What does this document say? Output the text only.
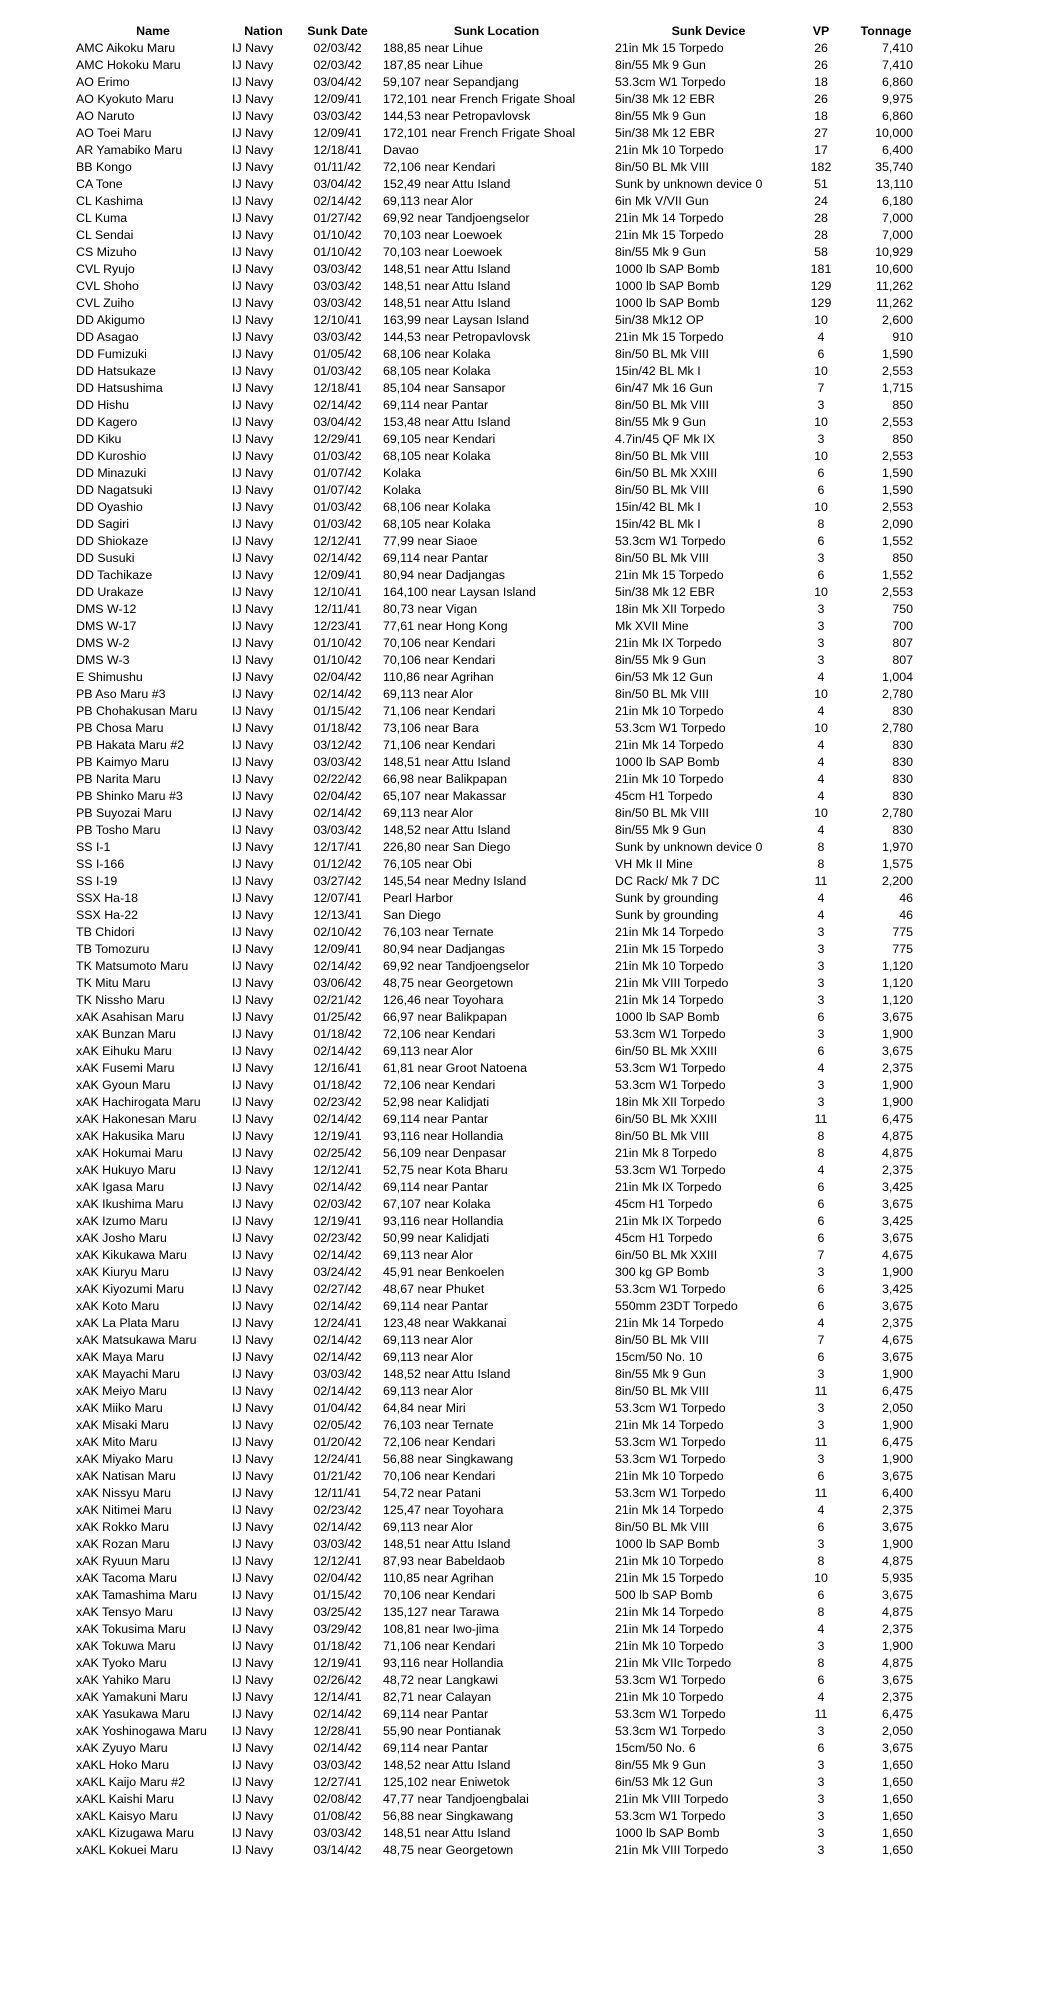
Name	Nation	Sunk Date	Sunk Location	Sunk Device	VP	Tonnage
AMC Aikoku Maru	IJ Navy	02/03/42	188,85 near Lihue	21in Mk 15 Torpedo	26	7,410
AMC Hokoku Maru	IJ Navy	02/03/42	187,85 near Lihue	8in/55 Mk 9 Gun	26	7,410
AO Erimo	IJ Navy	03/04/42	59,107 near Sepandjang	53.3cm W1 Torpedo	18	6,860
AO Kyokuto Maru	IJ Navy	12/09/41	172,101 near French Frigate Shoal	5in/38 Mk 12 EBR	26	9,975
AO Naruto	IJ Navy	03/03/42	144,53 near Petropavlovsk	8in/55 Mk 9 Gun	18	6,860
AO Toei Maru	IJ Navy	12/09/41	172,101 near French Frigate Shoal	5in/38 Mk 12 EBR	27	10,000
AR Yamabiko Maru	IJ Navy	12/18/41	Davao	21in Mk 10 Torpedo	17	6,400
BB Kongo	IJ Navy	01/11/42	72,106 near Kendari	8in/50 BL Mk VIII	182	35,740
CA Tone	IJ Navy	03/04/42	152,49 near Attu Island	Sunk by unknown device 0	51	13,110
CL Kashima	IJ Navy	02/14/42	69,113 near Alor	6in Mk V/VII Gun	24	6,180
CL Kuma	IJ Navy	01/27/42	69,92 near Tandjoengselor	21in Mk 14 Torpedo	28	7,000
CL Sendai	IJ Navy	01/10/42	70,103 near Loewoek	21in Mk 15 Torpedo	28	7,000
CS Mizuho	IJ Navy	01/10/42	70,103 near Loewoek	8in/55 Mk 9 Gun	58	10,929
CVL Ryujo	IJ Navy	03/03/42	148,51 near Attu Island	1000 lb SAP Bomb	181	10,600
CVL Shoho	IJ Navy	03/03/42	148,51 near Attu Island	1000 lb SAP Bomb	129	11,262
CVL Zuiho	IJ Navy	03/03/42	148,51 near Attu Island	1000 lb SAP Bomb	129	11,262
DD Akigumo	IJ Navy	12/10/41	163,99 near Laysan Island	5in/38 Mk12 OP	10	2,600
DD Asagao	IJ Navy	03/03/42	144,53 near Petropavlovsk	21in Mk 15 Torpedo	4	910
DD Fumizuki	IJ Navy	01/05/42	68,106 near Kolaka	8in/50 BL Mk VIII	6	1,590
DD Hatsukaze	IJ Navy	01/03/42	68,105 near Kolaka	15in/42 BL Mk I	10	2,553
DD Hatsushima	IJ Navy	12/18/41	85,104 near Sansapor	6in/47 Mk 16 Gun	7	1,715
DD Hishu	IJ Navy	02/14/42	69,114 near Pantar	8in/50 BL Mk VIII	3	850
DD Kagero	IJ Navy	03/04/42	153,48 near Attu Island	8in/55 Mk 9 Gun	10	2,553
DD Kiku	IJ Navy	12/29/41	69,105 near Kendari	4.7in/45 QF Mk IX	3	850
DD Kuroshio	IJ Navy	01/03/42	68,105 near Kolaka	8in/50 BL Mk VIII	10	2,553
DD Minazuki	IJ Navy	01/07/42	Kolaka	6in/50 BL Mk XXIII	6	1,590
DD Nagatsuki	IJ Navy	01/07/42	Kolaka	8in/50 BL Mk VIII	6	1,590
DD Oyashio	IJ Navy	01/03/42	68,106 near Kolaka	15in/42 BL Mk I	10	2,553
DD Sagiri	IJ Navy	01/03/42	68,105 near Kolaka	15in/42 BL Mk I	8	2,090
DD Shiokaze	IJ Navy	12/12/41	77,99 near Siaoe	53.3cm W1 Torpedo	6	1,552
DD Susuki	IJ Navy	02/14/42	69,114 near Pantar	8in/50 BL Mk VIII	3	850
DD Tachikaze	IJ Navy	12/09/41	80,94 near Dadjangas	21in Mk 15 Torpedo	6	1,552
DD Urakaze	IJ Navy	12/10/41	164,100 near Laysan Island	5in/38 Mk 12 EBR	10	2,553
DMS W-12	IJ Navy	12/11/41	80,73 near Vigan	18in Mk XII Torpedo	3	750
DMS W-17	IJ Navy	12/23/41	77,61 near Hong Kong	Mk XVII Mine	3	700
DMS W-2	IJ Navy	01/10/42	70,106 near Kendari	21in Mk IX Torpedo	3	807
DMS W-3	IJ Navy	01/10/42	70,106 near Kendari	8in/55 Mk 9 Gun	3	807
E Shimushu	IJ Navy	02/04/42	110,86 near Agrihan	6in/53 Mk 12 Gun	4	1,004
PB Aso Maru #3	IJ Navy	02/14/42	69,113 near Alor	8in/50 BL Mk VIII	10	2,780
PB Chohakusan Maru	IJ Navy	01/15/42	71,106 near Kendari	21in Mk 10 Torpedo	4	830
PB Chosa Maru	IJ Navy	01/18/42	73,106 near Bara	53.3cm W1 Torpedo	10	2,780
PB Hakata Maru #2	IJ Navy	03/12/42	71,106 near Kendari	21in Mk 14 Torpedo	4	830
PB Kaimyo Maru	IJ Navy	03/03/42	148,51 near Attu Island	1000 lb SAP Bomb	4	830
PB Narita Maru	IJ Navy	02/22/42	66,98 near Balikpapan	21in Mk 10 Torpedo	4	830
PB Shinko Maru #3	IJ Navy	02/04/42	65,107 near Makassar	45cm H1 Torpedo	4	830
PB Suyozai Maru	IJ Navy	02/14/42	69,113 near Alor	8in/50 BL Mk VIII	10	2,780
PB Tosho Maru	IJ Navy	03/03/42	148,52 near Attu Island	8in/55 Mk 9 Gun	4	830
SS I-1	IJ Navy	12/17/41	226,80 near San Diego	Sunk by unknown device 0	8	1,970
SS I-166	IJ Navy	01/12/42	76,105 near Obi	VH Mk II Mine	8	1,575
SS I-19	IJ Navy	03/27/42	145,54 near Medny Island	DC Rack/ Mk 7 DC	11	2,200
SSX Ha-18	IJ Navy	12/07/41	Pearl Harbor	Sunk by grounding	4	46
SSX Ha-22	IJ Navy	12/13/41	San Diego	Sunk by grounding	4	46
TB Chidori	IJ Navy	02/10/42	76,103 near Ternate	21in Mk 14 Torpedo	3	775
TB Tomozuru	IJ Navy	12/09/41	80,94 near Dadjangas	21in Mk 15 Torpedo	3	775
TK Matsumoto Maru	IJ Navy	02/14/42	69,92 near Tandjoengselor	21in Mk 10 Torpedo	3	1,120
TK Mitu Maru	IJ Navy	03/06/42	48,75 near Georgetown	21in Mk VIII Torpedo	3	1,120
TK Nissho Maru	IJ Navy	02/21/42	126,46 near Toyohara	21in Mk 14 Torpedo	3	1,120
xAK Asahisan Maru	IJ Navy	01/25/42	66,97 near Balikpapan	1000 lb SAP Bomb	6	3,675
xAK Bunzan Maru	IJ Navy	01/18/42	72,106 near Kendari	53.3cm W1 Torpedo	3	1,900
xAK Eihuku Maru	IJ Navy	02/14/42	69,113 near Alor	6in/50 BL Mk XXIII	6	3,675
xAK Fusemi Maru	IJ Navy	12/16/41	61,81 near Groot Natoena	53.3cm W1 Torpedo	4	2,375
xAK Gyoun Maru	IJ Navy	01/18/42	72,106 near Kendari	53.3cm W1 Torpedo	3	1,900
xAK Hachirogata Maru	IJ Navy	02/23/42	52,98 near Kalidjati	18in Mk XII Torpedo	3	1,900
xAK Hakonesan Maru	IJ Navy	02/14/42	69,114 near Pantar	6in/50 BL Mk XXIII	11	6,475
xAK Hakusika Maru	IJ Navy	12/19/41	93,116 near Hollandia	8in/50 BL Mk VIII	8	4,875
xAK Hokumai Maru	IJ Navy	02/25/42	56,109 near Denpasar	21in Mk 8 Torpedo	8	4,875
xAK Hukuyo Maru	IJ Navy	12/12/41	52,75 near Kota Bharu	53.3cm W1 Torpedo	4	2,375
xAK Igasa Maru	IJ Navy	02/14/42	69,114 near Pantar	21in Mk IX Torpedo	6	3,425
xAK Ikushima Maru	IJ Navy	02/03/42	67,107 near Kolaka	45cm H1 Torpedo	6	3,675
xAK Izumo Maru	IJ Navy	12/19/41	93,116 near Hollandia	21in Mk IX Torpedo	6	3,425
xAK Josho Maru	IJ Navy	02/23/42	50,99 near Kalidjati	45cm H1 Torpedo	6	3,675
xAK Kikukawa Maru	IJ Navy	02/14/42	69,113 near Alor	6in/50 BL Mk XXIII	7	4,675
xAK Kiuryu Maru	IJ Navy	03/24/42	45,91 near Benkoelen	300 kg GP Bomb	3	1,900
xAK Kiyozumi Maru	IJ Navy	02/27/42	48,67 near Phuket	53.3cm W1 Torpedo	6	3,425
xAK Koto Maru	IJ Navy	02/14/42	69,114 near Pantar	550mm 23DT Torpedo	6	3,675
xAK La Plata Maru	IJ Navy	12/24/41	123,48 near Wakkanai	21in Mk 14 Torpedo	4	2,375
xAK Matsukawa Maru	IJ Navy	02/14/42	69,113 near Alor	8in/50 BL Mk VIII	7	4,675
xAK Maya Maru	IJ Navy	02/14/42	69,113 near Alor	15cm/50 No. 10	6	3,675
xAK Mayachi Maru	IJ Navy	03/03/42	148,52 near Attu Island	8in/55 Mk 9 Gun	3	1,900
xAK Meiyo Maru	IJ Navy	02/14/42	69,113 near Alor	8in/50 BL Mk VIII	11	6,475
xAK Miiko Maru	IJ Navy	01/04/42	64,84 near Miri	53.3cm W1 Torpedo	3	2,050
xAK Misaki Maru	IJ Navy	02/05/42	76,103 near Ternate	21in Mk 14 Torpedo	3	1,900
xAK Mito Maru	IJ Navy	01/20/42	72,106 near Kendari	53.3cm W1 Torpedo	11	6,475
xAK Miyako Maru	IJ Navy	12/24/41	56,88 near Singkawang	53.3cm W1 Torpedo	3	1,900
xAK Natisan Maru	IJ Navy	01/21/42	70,106 near Kendari	21in Mk 10 Torpedo	6	3,675
xAK Nissyu Maru	IJ Navy	12/11/41	54,72 near Patani	53.3cm W1 Torpedo	11	6,400
xAK Nitimei Maru	IJ Navy	02/23/42	125,47 near Toyohara	21in Mk 14 Torpedo	4	2,375
xAK Rokko Maru	IJ Navy	02/14/42	69,113 near Alor	8in/50 BL Mk VIII	6	3,675
xAK Rozan Maru	IJ Navy	03/03/42	148,51 near Attu Island	1000 lb SAP Bomb	3	1,900
xAK Ryuun Maru	IJ Navy	12/12/41	87,93 near Babeldaob	21in Mk 10 Torpedo	8	4,875
xAK Tacoma Maru	IJ Navy	02/04/42	110,85 near Agrihan	21in Mk 15 Torpedo	10	5,935
xAK Tamashima Maru	IJ Navy	01/15/42	70,106 near Kendari	500 lb SAP Bomb	6	3,675
xAK Tensyo Maru	IJ Navy	03/25/42	135,127 near Tarawa	21in Mk 14 Torpedo	8	4,875
xAK Tokusima Maru	IJ Navy	03/29/42	108,81 near Iwo-jima	21in Mk 14 Torpedo	4	2,375
xAK Tokuwa Maru	IJ Navy	01/18/42	71,106 near Kendari	21in Mk 10 Torpedo	3	1,900
xAK Tyoko Maru	IJ Navy	12/19/41	93,116 near Hollandia	21in Mk VIIc Torpedo	8	4,875
xAK Yahiko Maru	IJ Navy	02/26/42	48,72 near Langkawi	53.3cm W1 Torpedo	6	3,675
xAK Yamakuni Maru	IJ Navy	12/14/41	82,71 near Calayan	21in Mk 10 Torpedo	4	2,375
xAK Yasukawa Maru	IJ Navy	02/14/42	69,114 near Pantar	53.3cm W1 Torpedo	11	6,475
xAK Yoshinogawa Maru	IJ Navy	12/28/41	55,90 near Pontianak	53.3cm W1 Torpedo	3	2,050
xAK Zyuyo Maru	IJ Navy	02/14/42	69,114 near Pantar	15cm/50 No. 6	6	3,675
xAKL Hoko Maru	IJ Navy	03/03/42	148,52 near Attu Island	8in/55 Mk 9 Gun	3	1,650
xAKL Kaijo Maru #2	IJ Navy	12/27/41	125,102 near Eniwetok	6in/53 Mk 12 Gun	3	1,650
xAKL Kaishi Maru	IJ Navy	02/08/42	47,77 near Tandjoengbalai	21in Mk VIII Torpedo	3	1,650
xAKL Kaisyo Maru	IJ Navy	01/08/42	56,88 near Singkawang	53.3cm W1 Torpedo	3	1,650
xAKL Kizugawa Maru	IJ Navy	03/03/42	148,51 near Attu Island	1000 lb SAP Bomb	3	1,650
xAKL Kokuei Maru	IJ Navy	03/14/42	48,75 near Georgetown	21in Mk VIII Torpedo	3	1,650
